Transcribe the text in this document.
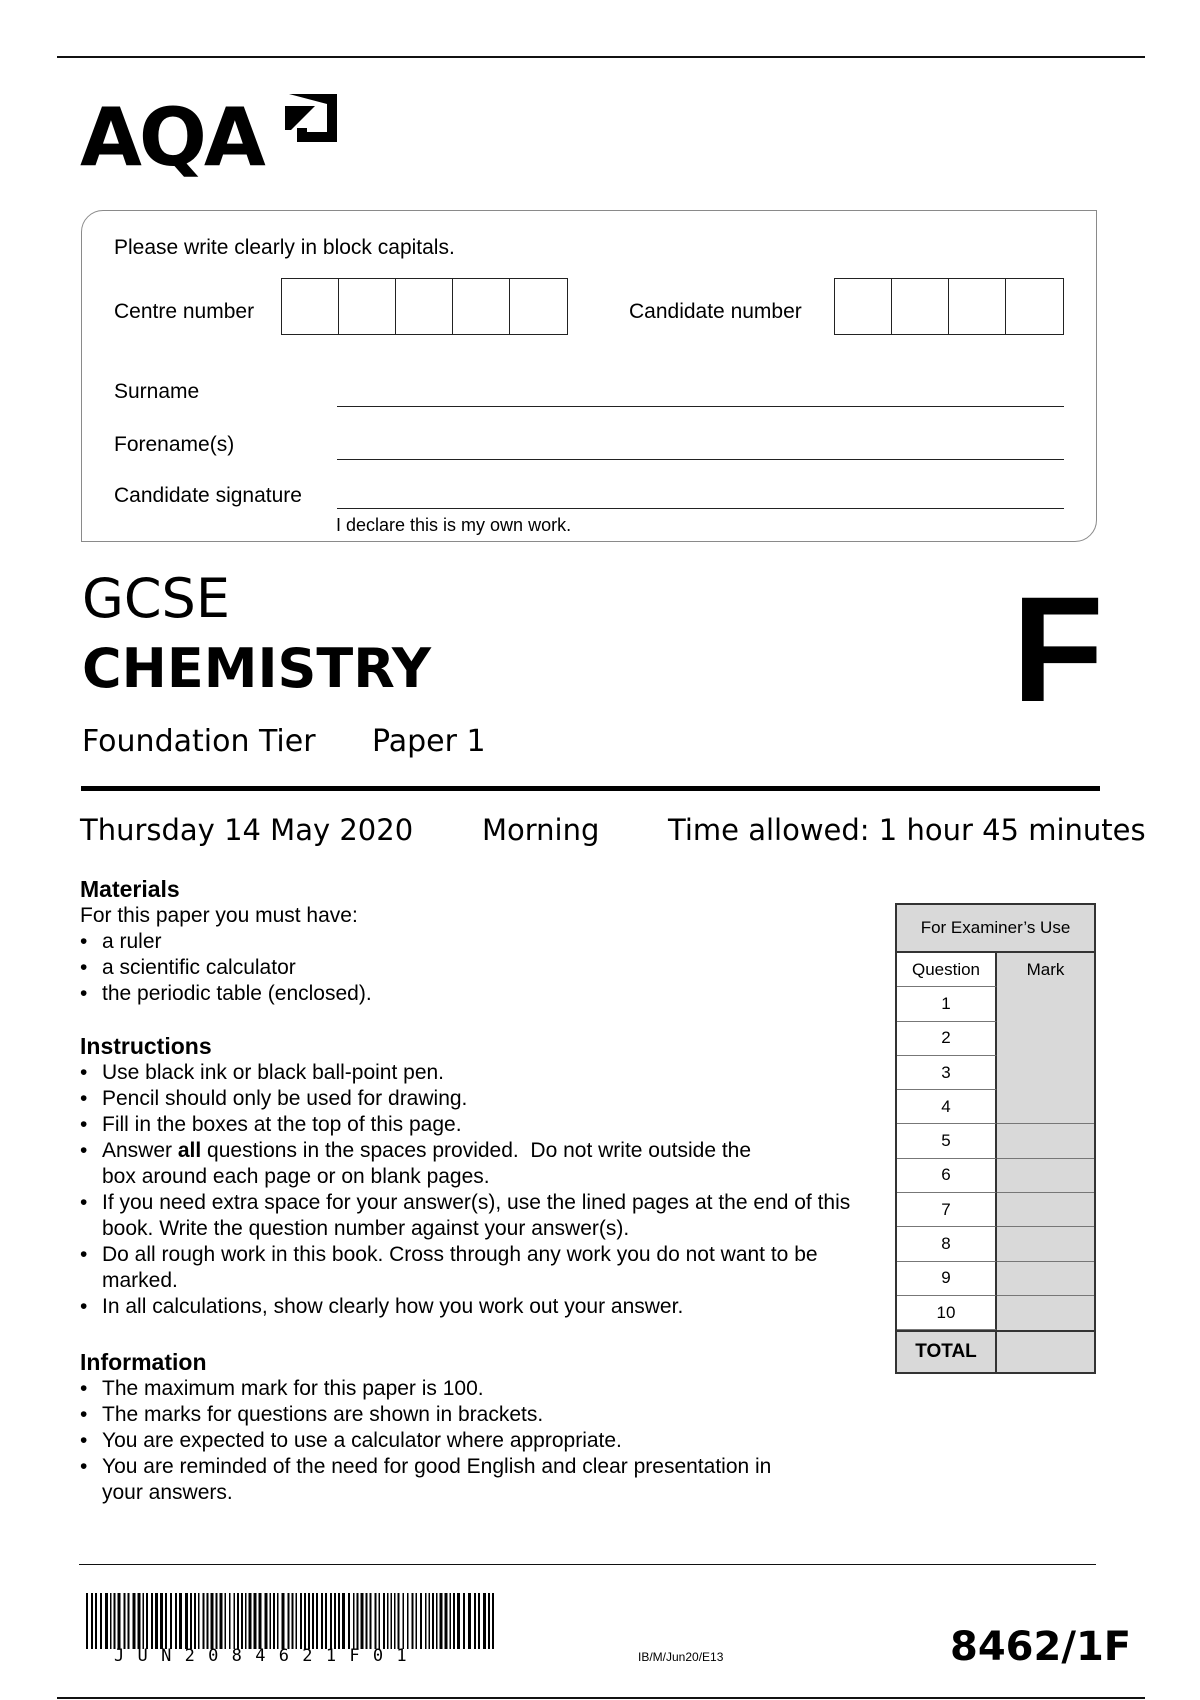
AQA
Please write clearly in block capitals.
Centre number	Candidate number
Surname
Forename(s)
Candidate signature
I declare this is my own work.
GCSE
CHEMISTRY
Foundation Tier Paper 1
F
Thursday 14 May 2020 Morning Time allowed: 1 hour 45 minutes
Materials
For this paper you must have:
• a ruler
• a scientific calculator
• the periodic table (enclosed).
Instructions
• Use black ink or black ball-point pen.
• Pencil should only be used for drawing.
• Fill in the boxes at the top of this page.
• Answer all questions in the spaces provided.  Do not write outside the box around each page or on blank pages.
• If you need extra space for your answer(s), use the lined pages at the end of this book. Write the question number against your answer(s).
• Do all rough work in this book. Cross through any work you do not want to be marked.
• In all calculations, show clearly how you work out your answer.
Information
• The maximum mark for this paper is 100.
• The marks for questions are shown in brackets.
• You are expected to use a calculator where appropriate.
• You are reminded of the need for good English and clear presentation in your answers.
For Examiner’s Use
Question	Mark
1
2
3
4
5
6
7
8
9
10
TOTAL
JUN2084621F01	IB/M/Jun20/E13	8462/1F
